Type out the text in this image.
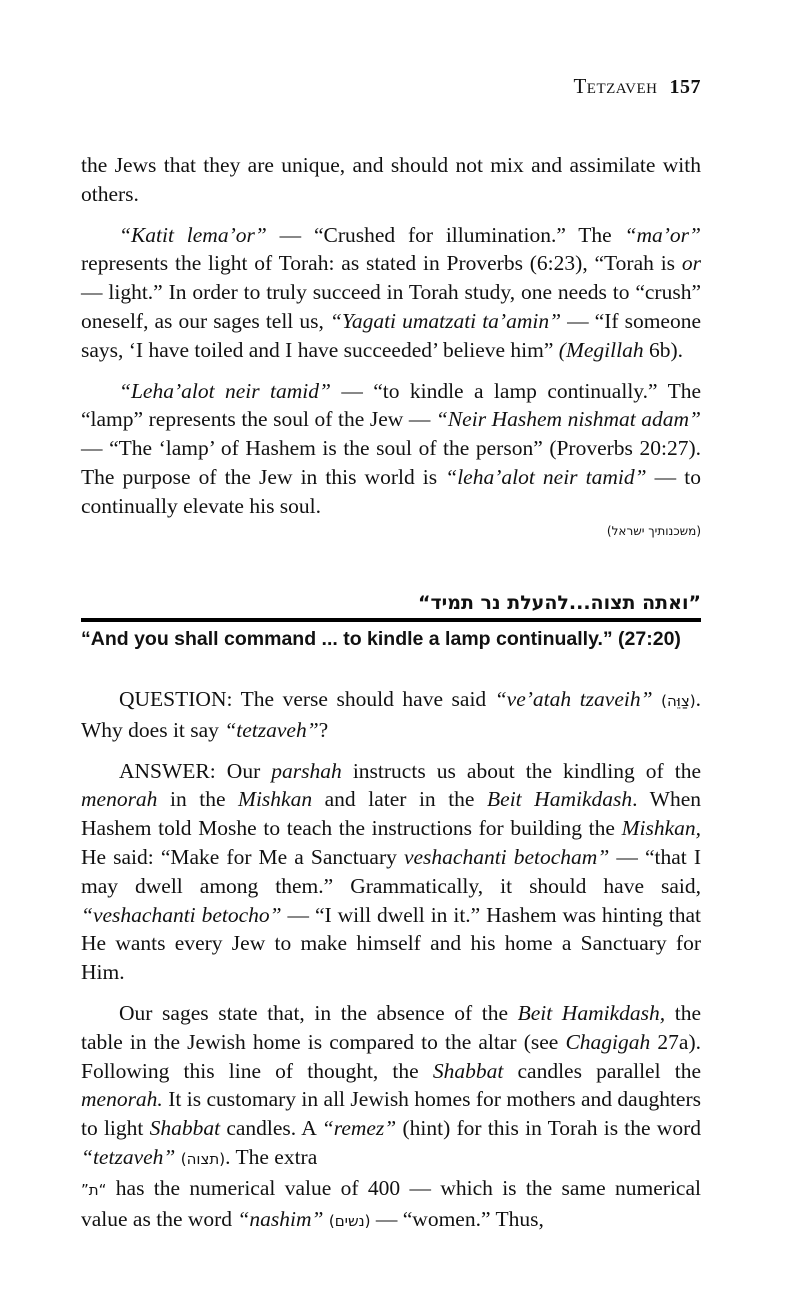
Tetzaveh 157

the Jews that they are unique, and should not mix and assimilate with others.

“Katit lema’or” — “Crushed for illumination.” The “ma’or” represents the light of Torah: as stated in Proverbs (6:23), “Torah is or — light.” In order to truly succeed in Torah study, one needs to “crush” oneself, as our sages tell us, “Yagati umatzati ta’amin” — “If someone says, ‘I have toiled and I have succeeded’ believe him” (Megillah 6b).

“Leha’alot neir tamid” — “to kindle a lamp continually.” The “lamp” represents the soul of the Jew — “Neir Hashem nishmat adam” — “The ‘lamp’ of Hashem is the soul of the person” (Proverbs 20:27). The purpose of the Jew in this world is “leha’alot neir tamid” — to continually elevate his soul.

(משכנותיך ישראל)
”ואתה תצוה...להעלת נר תמיד“
“And you shall command ... to kindle a lamp continually.” (27:20)

QUESTION: The verse should have said “ve’atah tzaveih” (צַוֵּה). Why does it say “tetzaveh”?

ANSWER: Our parshah instructs us about the kindling of the menorah in the Mishkan and later in the Beit Hamikdash. When Hashem told Moshe to teach the instructions for building the Mishkan, He said: “Make for Me a Sanctuary veshachanti betocham” — “that I may dwell among them.” Grammatically, it should have said, “veshachanti betocho” — “I will dwell in it.” Hashem was hinting that He wants every Jew to make himself and his home a Sanctuary for Him.

Our sages state that, in the absence of the Beit Hamikdash, the table in the Jewish home is compared to the altar (see Chagigah 27a). Following this line of thought, the Shabbat candles parallel the menorah. It is customary in all Jewish homes for mothers and daughters to light Shabbat candles. A “remez” (hint) for this in Torah is the word “tetzaveh” (תצוה). The extra
”ת“ has the numerical value of 400 — which is the same numerical value as the word “nashim” (נשים) — “women.” Thus,
